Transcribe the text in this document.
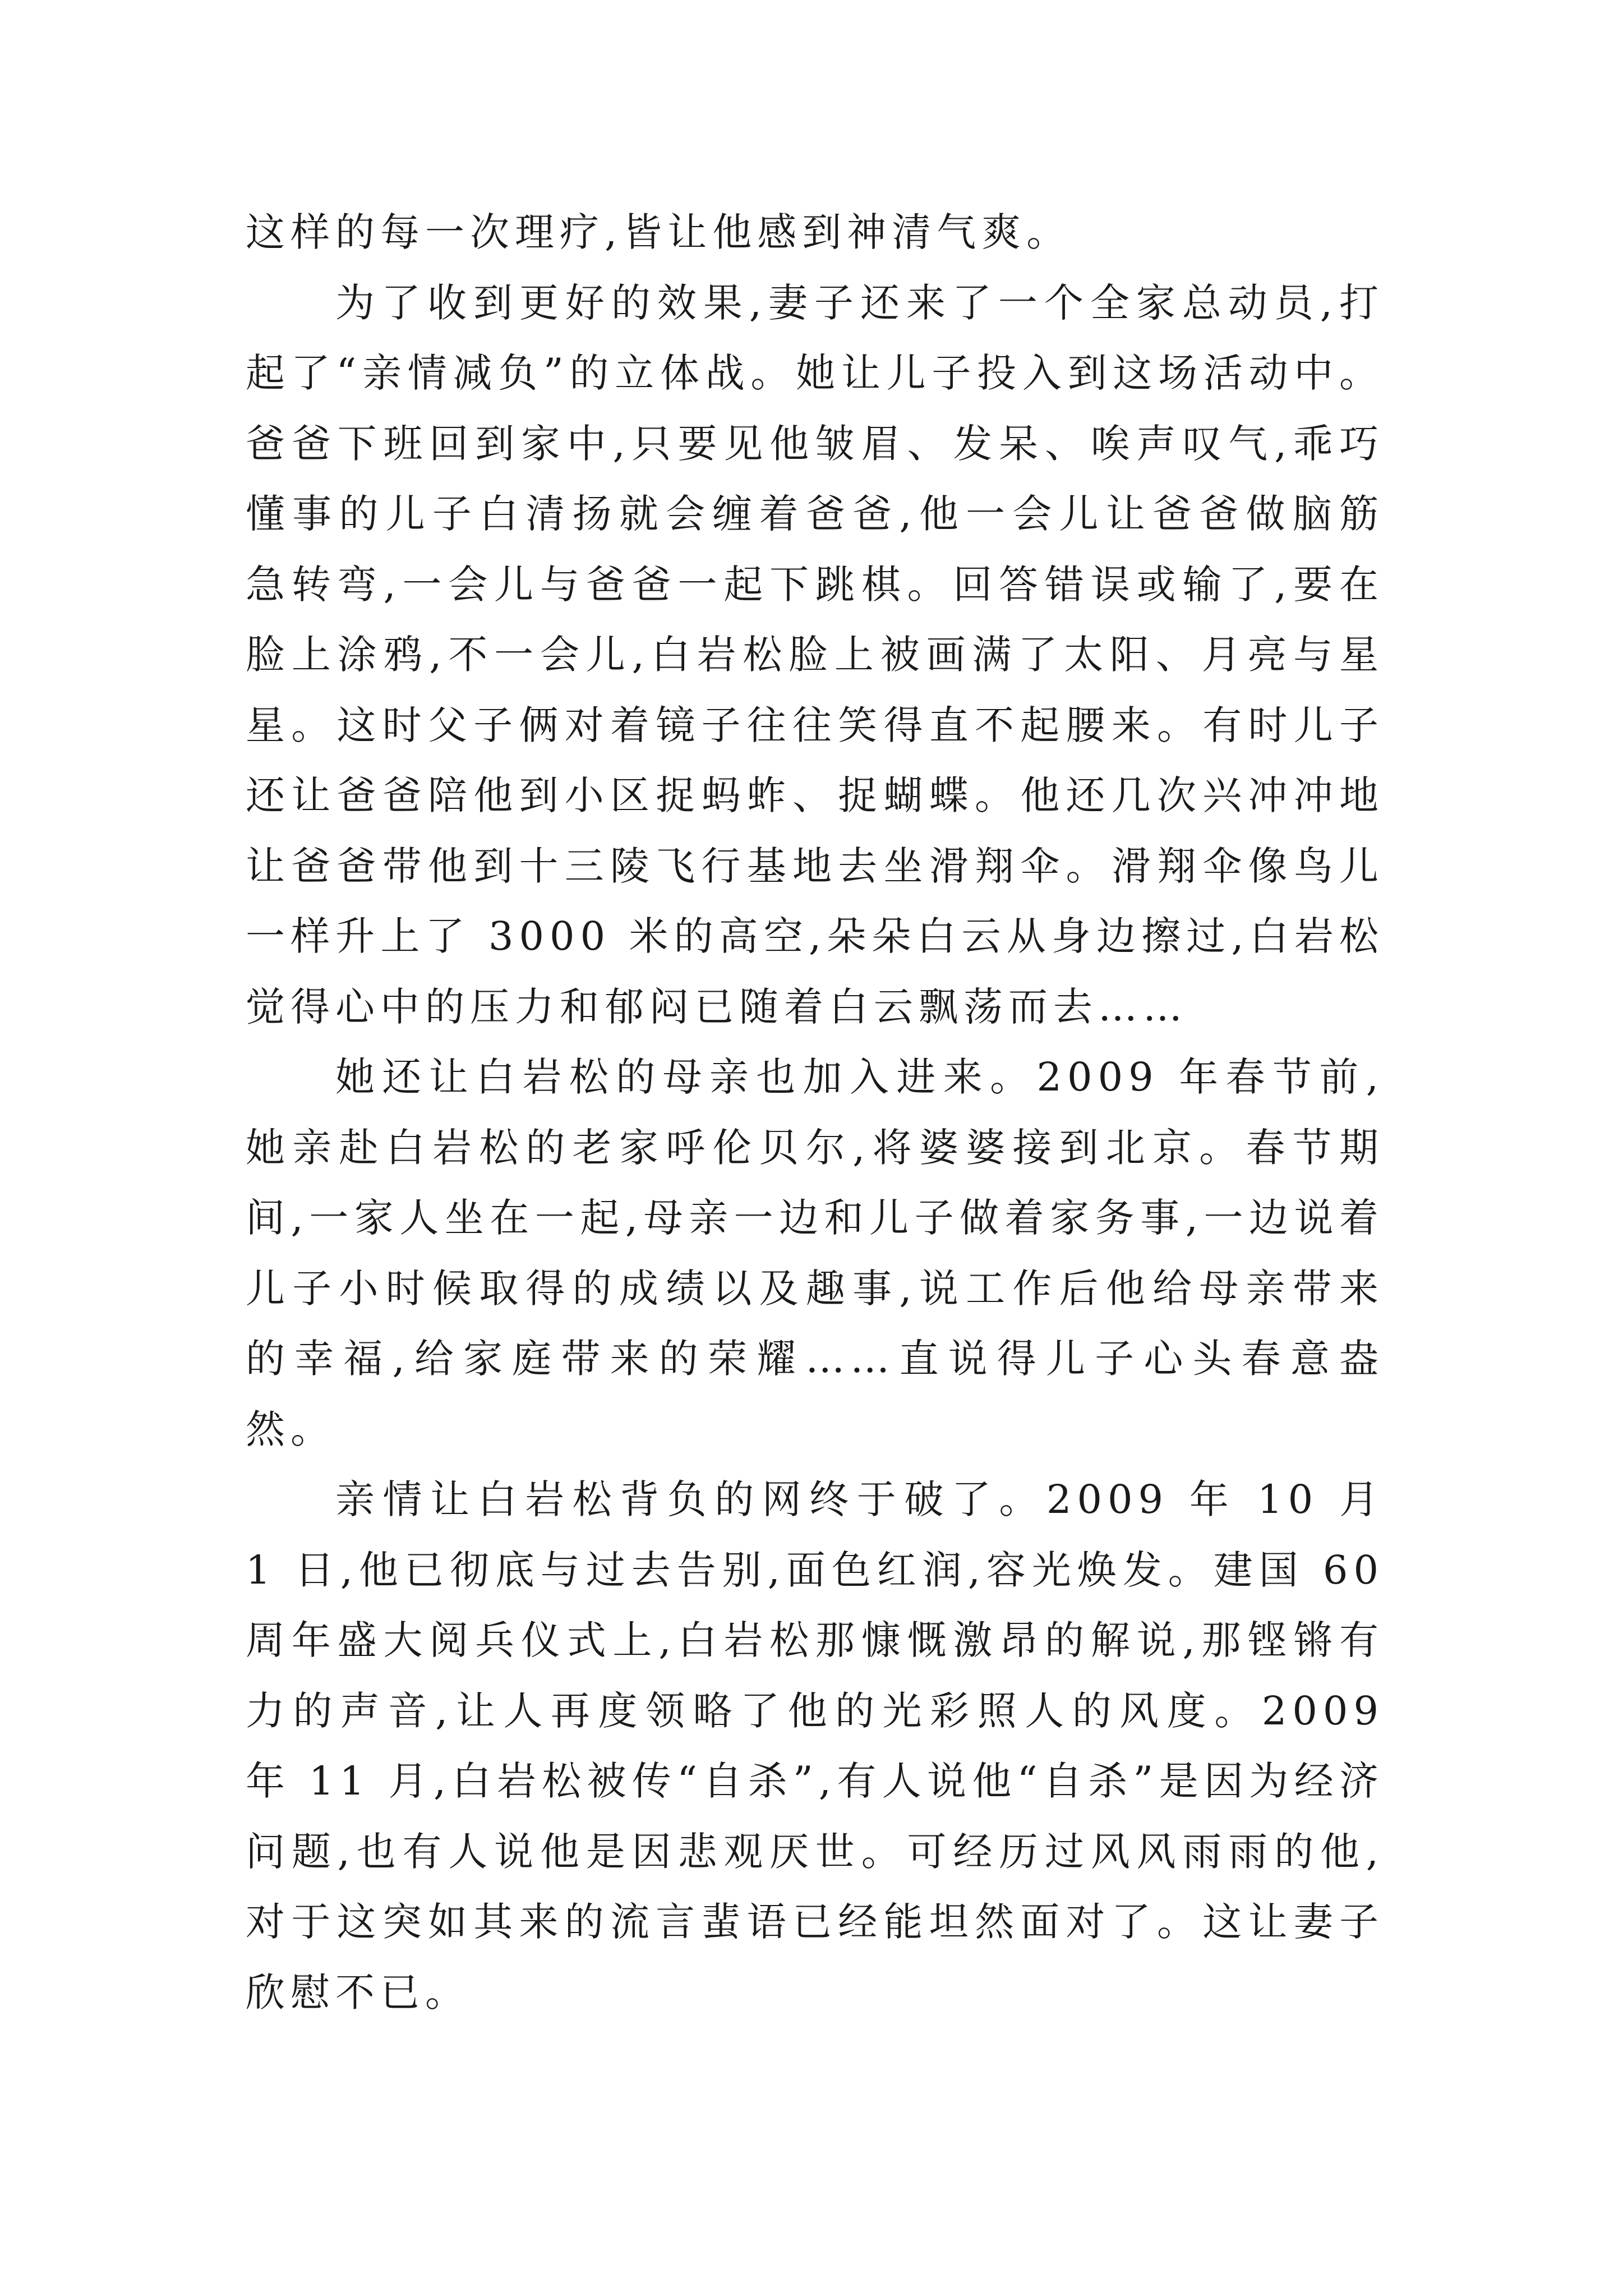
这样的每一次理疗,皆让他感到神清气爽。

为了收到更好的效果,妻子还来了一个全家总动员,打起了“亲情减负”的立体战。她让儿子投入到这场活动中。爸爸下班回到家中,只要见他皱眉、发呆、唉声叹气,乖巧懂事的儿子白清扬就会缠着爸爸,他一会儿让爸爸做脑筋急转弯,一会儿与爸爸一起下跳棋。回答错误或输了,要在脸上涂鸦,不一会儿,白岩松脸上被画满了太阳、月亮与星星。这时父子俩对着镜子往往笑得直不起腰来。有时儿子还让爸爸陪他到小区捉蚂蚱、捉蝴蝶。他还几次兴冲冲地让爸爸带他到十三陵飞行基地去坐滑翔伞。滑翔伞像鸟儿一样升上了 3000 米的高空,朵朵白云从身边擦过,白岩松觉得心中的压力和郁闷已随着白云飘荡而去……

她还让白岩松的母亲也加入进来。2009 年春节前,她亲赴白岩松的老家呼伦贝尔,将婆婆接到北京。春节期间,一家人坐在一起,母亲一边和儿子做着家务事,一边说着儿子小时候取得的成绩以及趣事,说工作后他给母亲带来的幸福,给家庭带来的荣耀……直说得儿子心头春意盎然。

亲情让白岩松背负的网终于破了。2009 年 10 月 1 日,他已彻底与过去告别,面色红润,容光焕发。建国 60 周年盛大阅兵仪式上,白岩松那慷慨激昂的解说,那铿锵有力的声音,让人再度领略了他的光彩照人的风度。2009 年 11 月,白岩松被传“自杀”,有人说他“自杀”是因为经济问题,也有人说他是因悲观厌世。可经历过风风雨雨的他,对于这突如其来的流言蜚语已经能坦然面对了。这让妻子欣慰不已。
